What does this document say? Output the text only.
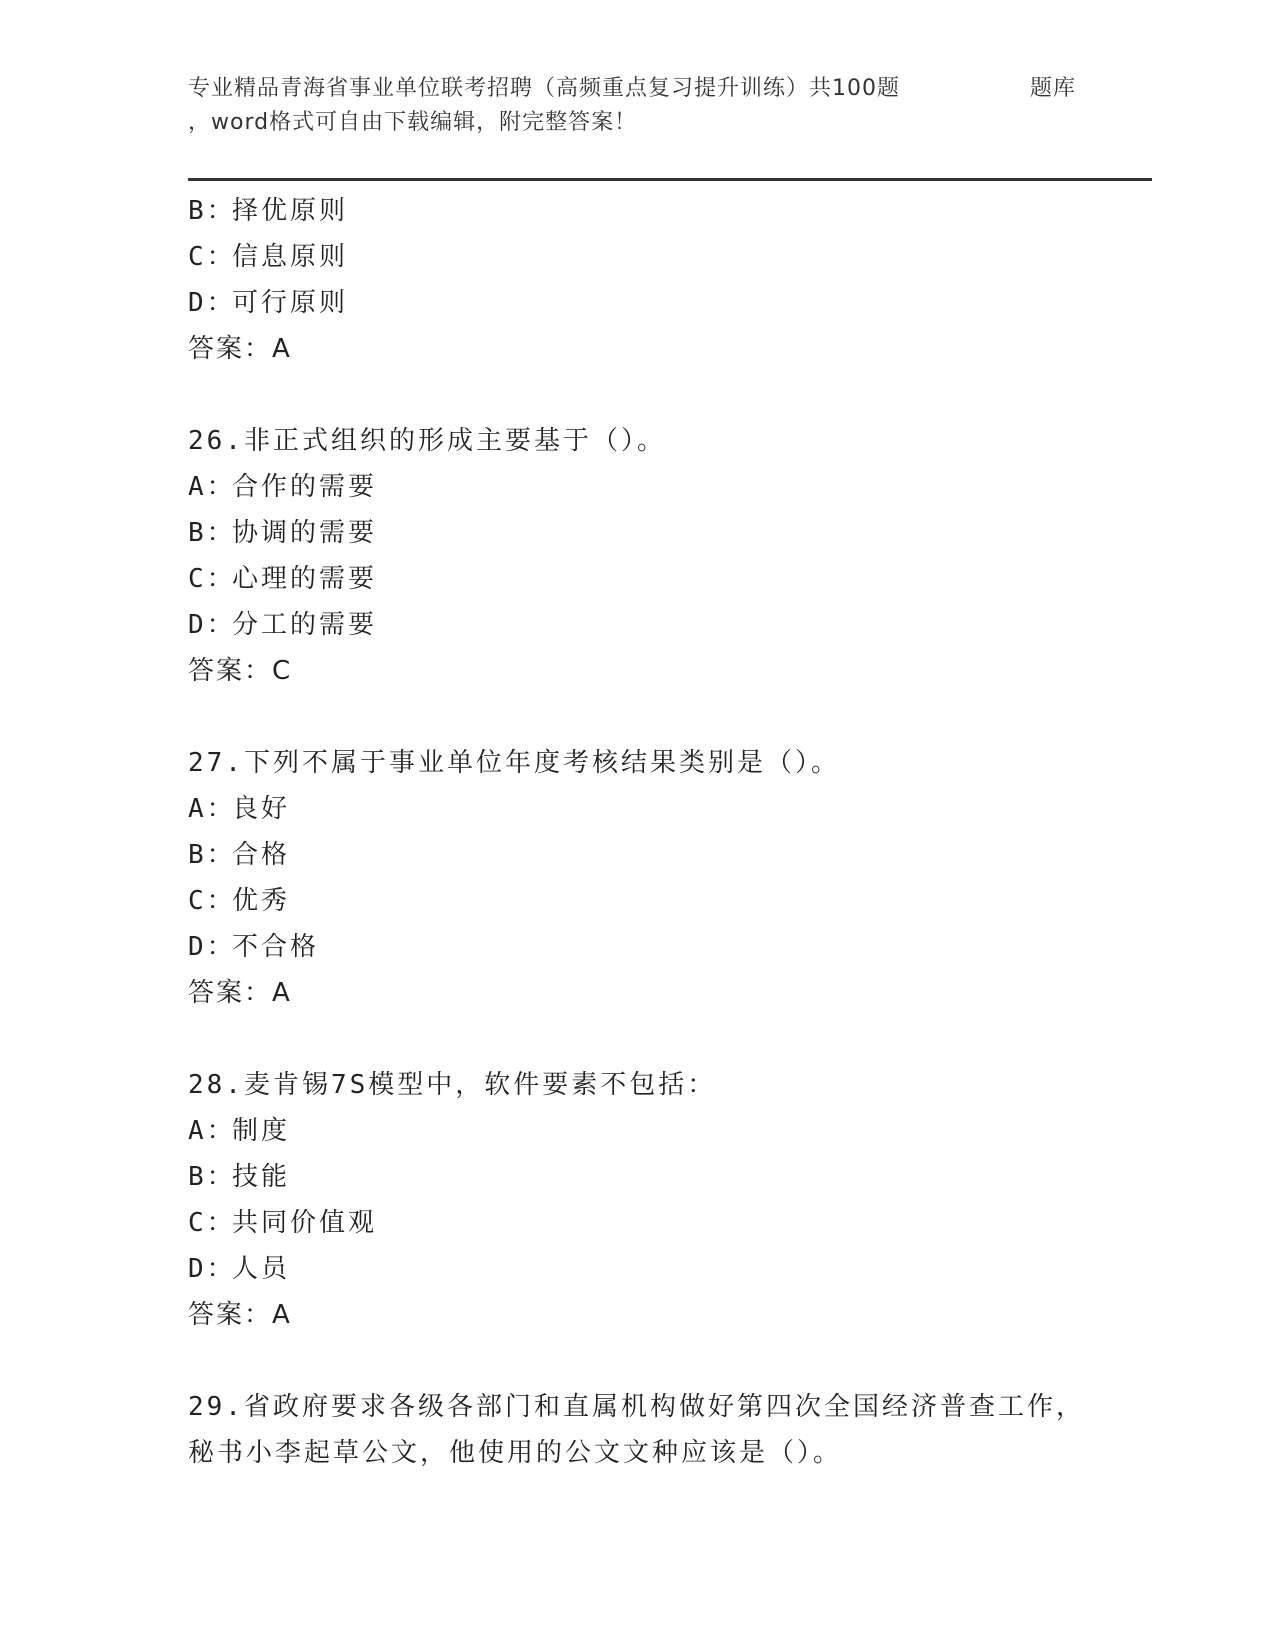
专业精品青海省事业单位联考招聘（高频重点复习提升训练）共100题	题库
，word格式可自由下载编辑，附完整答案！
B：择优原则
C：信息原则
D：可行原则
答案：A
26.非正式组织的形成主要基于（）。
A：合作的需要
B：协调的需要
C：心理的需要
D：分工的需要
答案：C
27.下列不属于事业单位年度考核结果类别是（）。
A：良好
B：合格
C：优秀
D：不合格
答案：A
28.麦肯锡7S模型中，软件要素不包括：
A：制度
B：技能
C：共同价值观
D：人员
答案：A
29.省政府要求各级各部门和直属机构做好第四次全国经济普查工作，秘书小李起草公文，他使用的公文文种应该是（）。
